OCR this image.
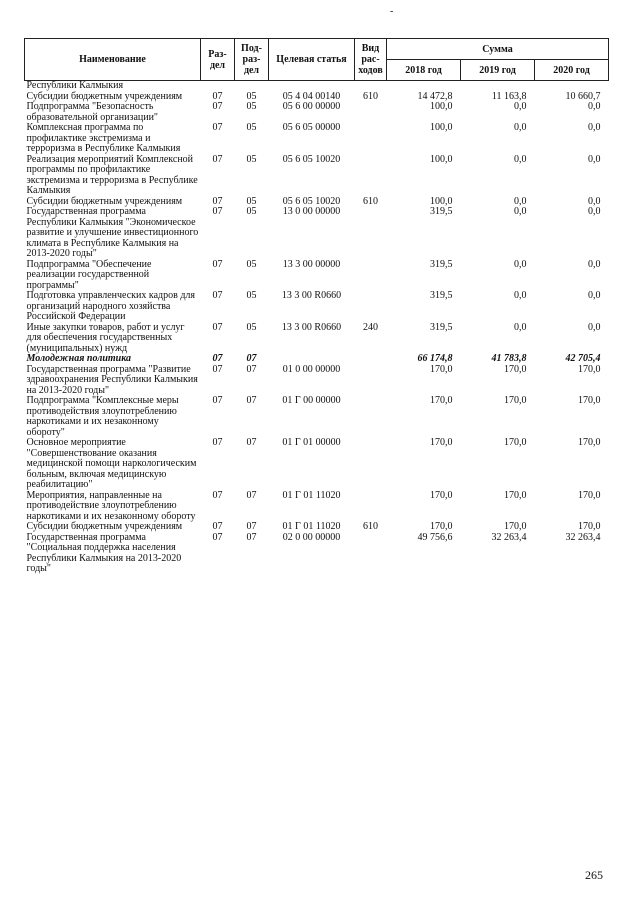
-
Наименование	Раз-дел	Под-раз-дел	Целевая статья	Вид рас-ходов	Сумма		
					2018 год	2019 год	2020 год
Республики Калмыкия							
Субсидии бюджетным учреждениям	07	05	05 4 04 00140	610	14 472,8	11 163,8	10 660,7
Подпрограмма "Безопасность образовательной организации"	07	05	05 6 00 00000		100,0	0,0	0,0
Комплексная программа по профилактике экстремизма и терроризма в Республике Калмыкия	07	05	05 6 05 00000		100,0	0,0	0,0
Реализация мероприятий Комплексной программы по профилактике экстремизма и терроризма в Республике Калмыкия	07	05	05 6 05 10020		100,0	0,0	0,0
Субсидии бюджетным учреждениям	07	05	05 6 05 10020	610	100,0	0,0	0,0
Государственная программа Республики Калмыкия "Экономическое развитие и улучшение инвестиционного климата в Республике Калмыкия на 2013-2020 годы"	07	05	13 0 00 00000		319,5	0,0	0,0
Подпрограмма "Обеспечение реализации государственной программы"	07	05	13 3 00 00000		319,5	0,0	0,0
Подготовка управленческих кадров для организаций народного хозяйства Российской Федерации	07	05	13 3 00 R0660		319,5	0,0	0,0
Иные закупки товаров, работ и услуг для обеспечения государственных (муниципальных) нужд	07	05	13 3 00 R0660	240	319,5	0,0	0,0
Молодежная политика	07	07			66 174,8	41 783,8	42 705,4
Государственная программа "Развитие здравоохранения Республики Калмыкия на 2013-2020 годы"	07	07	01 0 00 00000		170,0	170,0	170,0
Подпрограмма "Комплексные меры противодействия злоупотреблению наркотиками и их незаконному обороту"	07	07	01 Г 00 00000		170,0	170,0	170,0
Основное мероприятие "Совершенствование оказания медицинской помощи наркологическим больным, включая медицинскую реабилитацию"	07	07	01 Г 01 00000		170,0	170,0	170,0
Мероприятия, направленные на противодействие злоупотреблению наркотиками и их незаконному обороту	07	07	01 Г 01 11020		170,0	170,0	170,0
Субсидии бюджетным учреждениям	07	07	01 Г 01 11020	610	170,0	170,0	170,0
Государственная программа "Социальная поддержка населения Республики Калмыкия на 2013-2020 годы"	07	07	02 0 00 00000		49 756,6	32 263,4	32 263,4
265
